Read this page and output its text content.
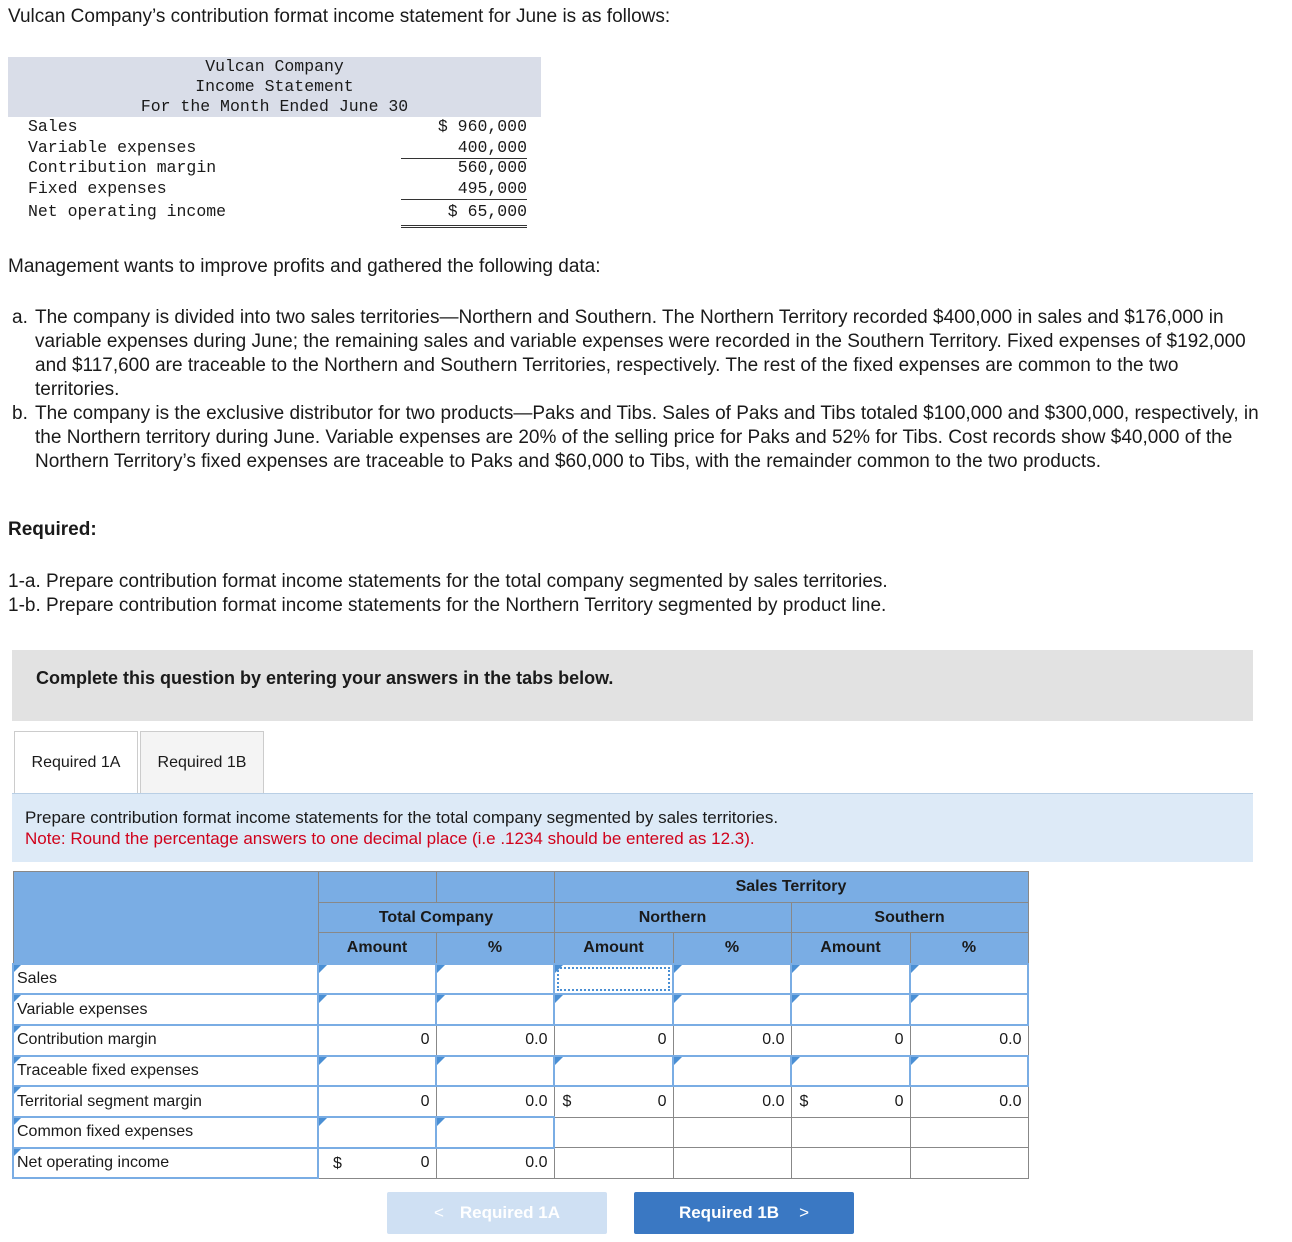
Vulcan Company’s contribution format income statement for June is as follows:
Vulcan Company
Income Statement
For the Month Ended June 30
Sales	$ 960,000
Variable expenses	400,000
Contribution margin	560,000
Fixed expenses	495,000
Net operating income	$ 65,000
Management wants to improve profits and gathered the following data:
a. The company is divided into two sales territories—Northern and Southern. The Northern Territory recorded $400,000 in sales and $176,000 in variable expenses during June; the remaining sales and variable expenses were recorded in the Southern Territory. Fixed expenses of $192,000 and $117,600 are traceable to the Northern and Southern Territories, respectively. The rest of the fixed expenses are common to the two territories.
b. The company is the exclusive distributor for two products—Paks and Tibs. Sales of Paks and Tibs totaled $100,000 and $300,000, respectively, in the Northern territory during June. Variable expenses are 20% of the selling price for Paks and 52% for Tibs. Cost records show $40,000 of the Northern Territory’s fixed expenses are traceable to Paks and $60,000 to Tibs, with the remainder common to the two products.
Required:
1-a. Prepare contribution format income statements for the total company segmented by sales territories.
1-b. Prepare contribution format income statements for the Northern Territory segmented by product line.
Complete this question by entering your answers in the tabs below.
Required 1A	Required 1B
Prepare contribution format income statements for the total company segmented by sales territories.
Note: Round the percentage answers to one decimal place (i.e .1234 should be entered as 12.3).
			Sales Territory			
	Total Company		Northern		Southern	
	Amount	%	Amount	%	Amount	%
Sales						
Variable expenses						
Contribution margin	0	0.0	0	0.0	0	0.0
Traceable fixed expenses						
Territorial segment margin	0	0.0	$ 0	0.0	$ 0	0.0
Common fixed expenses						
Net operating income	$ 0	0.0				
< Required 1A	Required 1B >
